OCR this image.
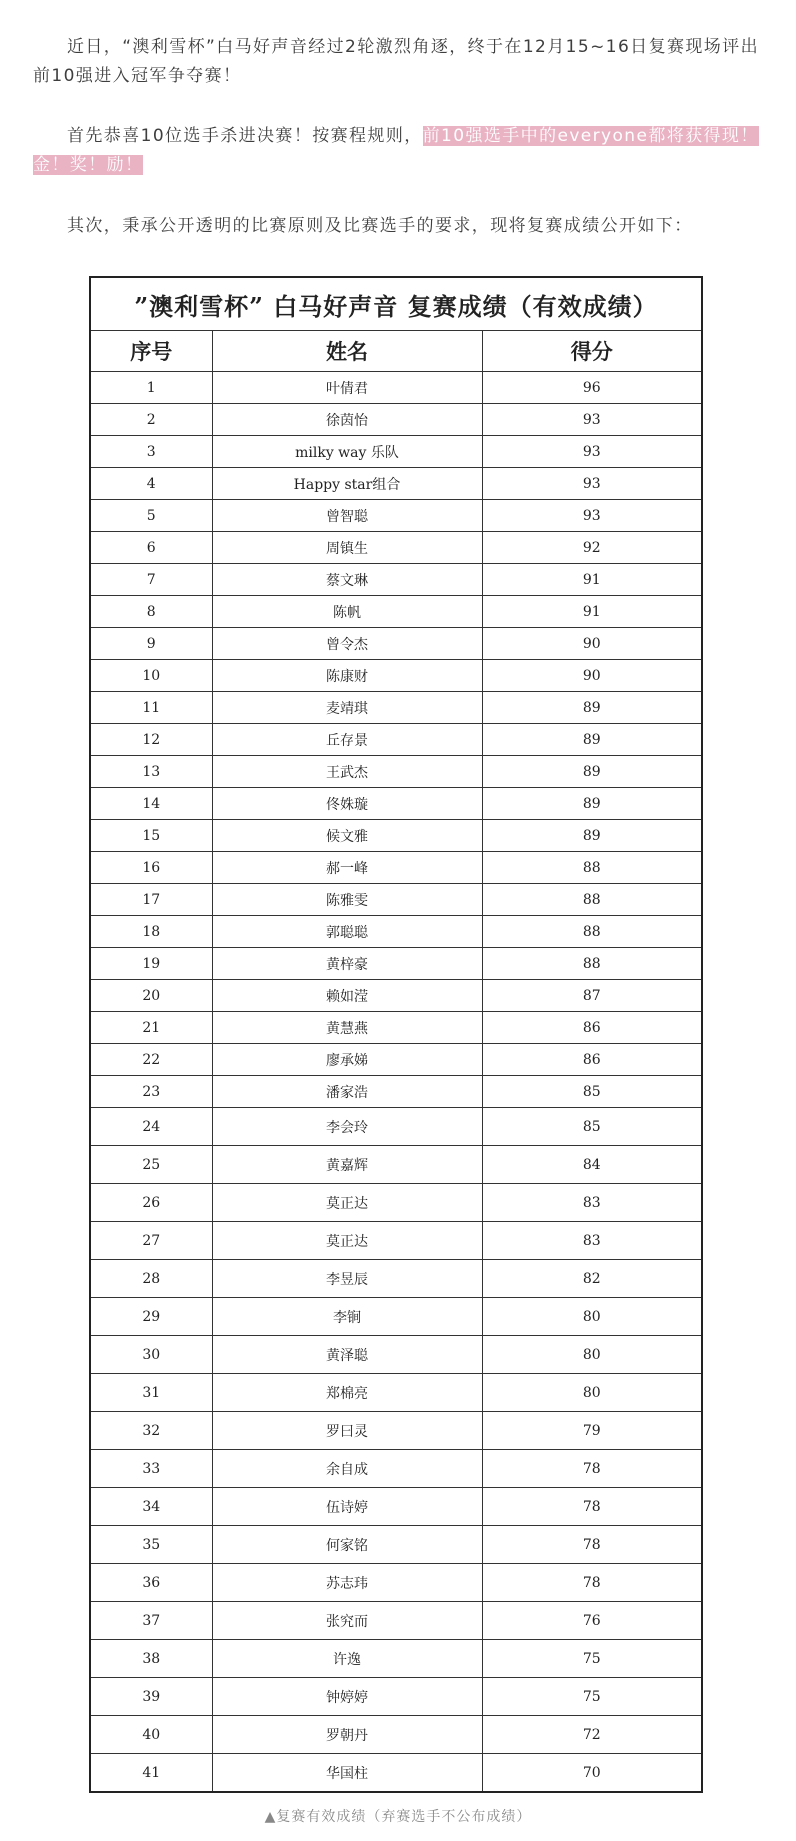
近日，“澳利雪杯”白马好声音经过2轮激烈角逐，终于在12月15~16日复赛现场评出前10强进入冠军争夺赛！

首先恭喜10位选手杀进决赛！按赛程规则，前10强选手中的everyone都将获得现！金！奖！励！

其次，秉承公开透明的比赛原则及比赛选手的要求，现将复赛成绩公开如下：

”澳利雪杯” 白马好声音 复赛成绩（有效成绩）		
序号	姓名	得分
1	叶倩君	96
2	徐茵怡	93
3	milky way 乐队	93
4	Happy star组合	93
5	曾智聪	93
6	周镇生	92
7	蔡文琳	91
8	陈帆	91
9	曾令杰	90
10	陈康财	90
11	麦靖琪	89
12	丘存景	89
13	王武杰	89
14	佟姝璇	89
15	候文雅	89
16	郝一峰	88
17	陈雅雯	88
18	郭聪聪	88
19	黄梓豪	88
20	赖如滢	87
21	黄慧燕	86
22	廖承娣	86
23	潘家浩	85
24	李会玲	85
25	黄嘉辉	84
26	莫正达	83
27	莫正达	83
28	李昱辰	82
29	李锏	80
30	黄泽聪	80
31	郑棉亮	80
32	罗曰灵	79
33	余自成	78
34	伍诗婷	78
35	何家铭	78
36	苏志玮	78
37	张究而	76
38	许逸	75
39	钟婷婷	75
40	罗朝丹	72
41	华国柱	70
▲复赛有效成绩（弃赛选手不公布成绩）
